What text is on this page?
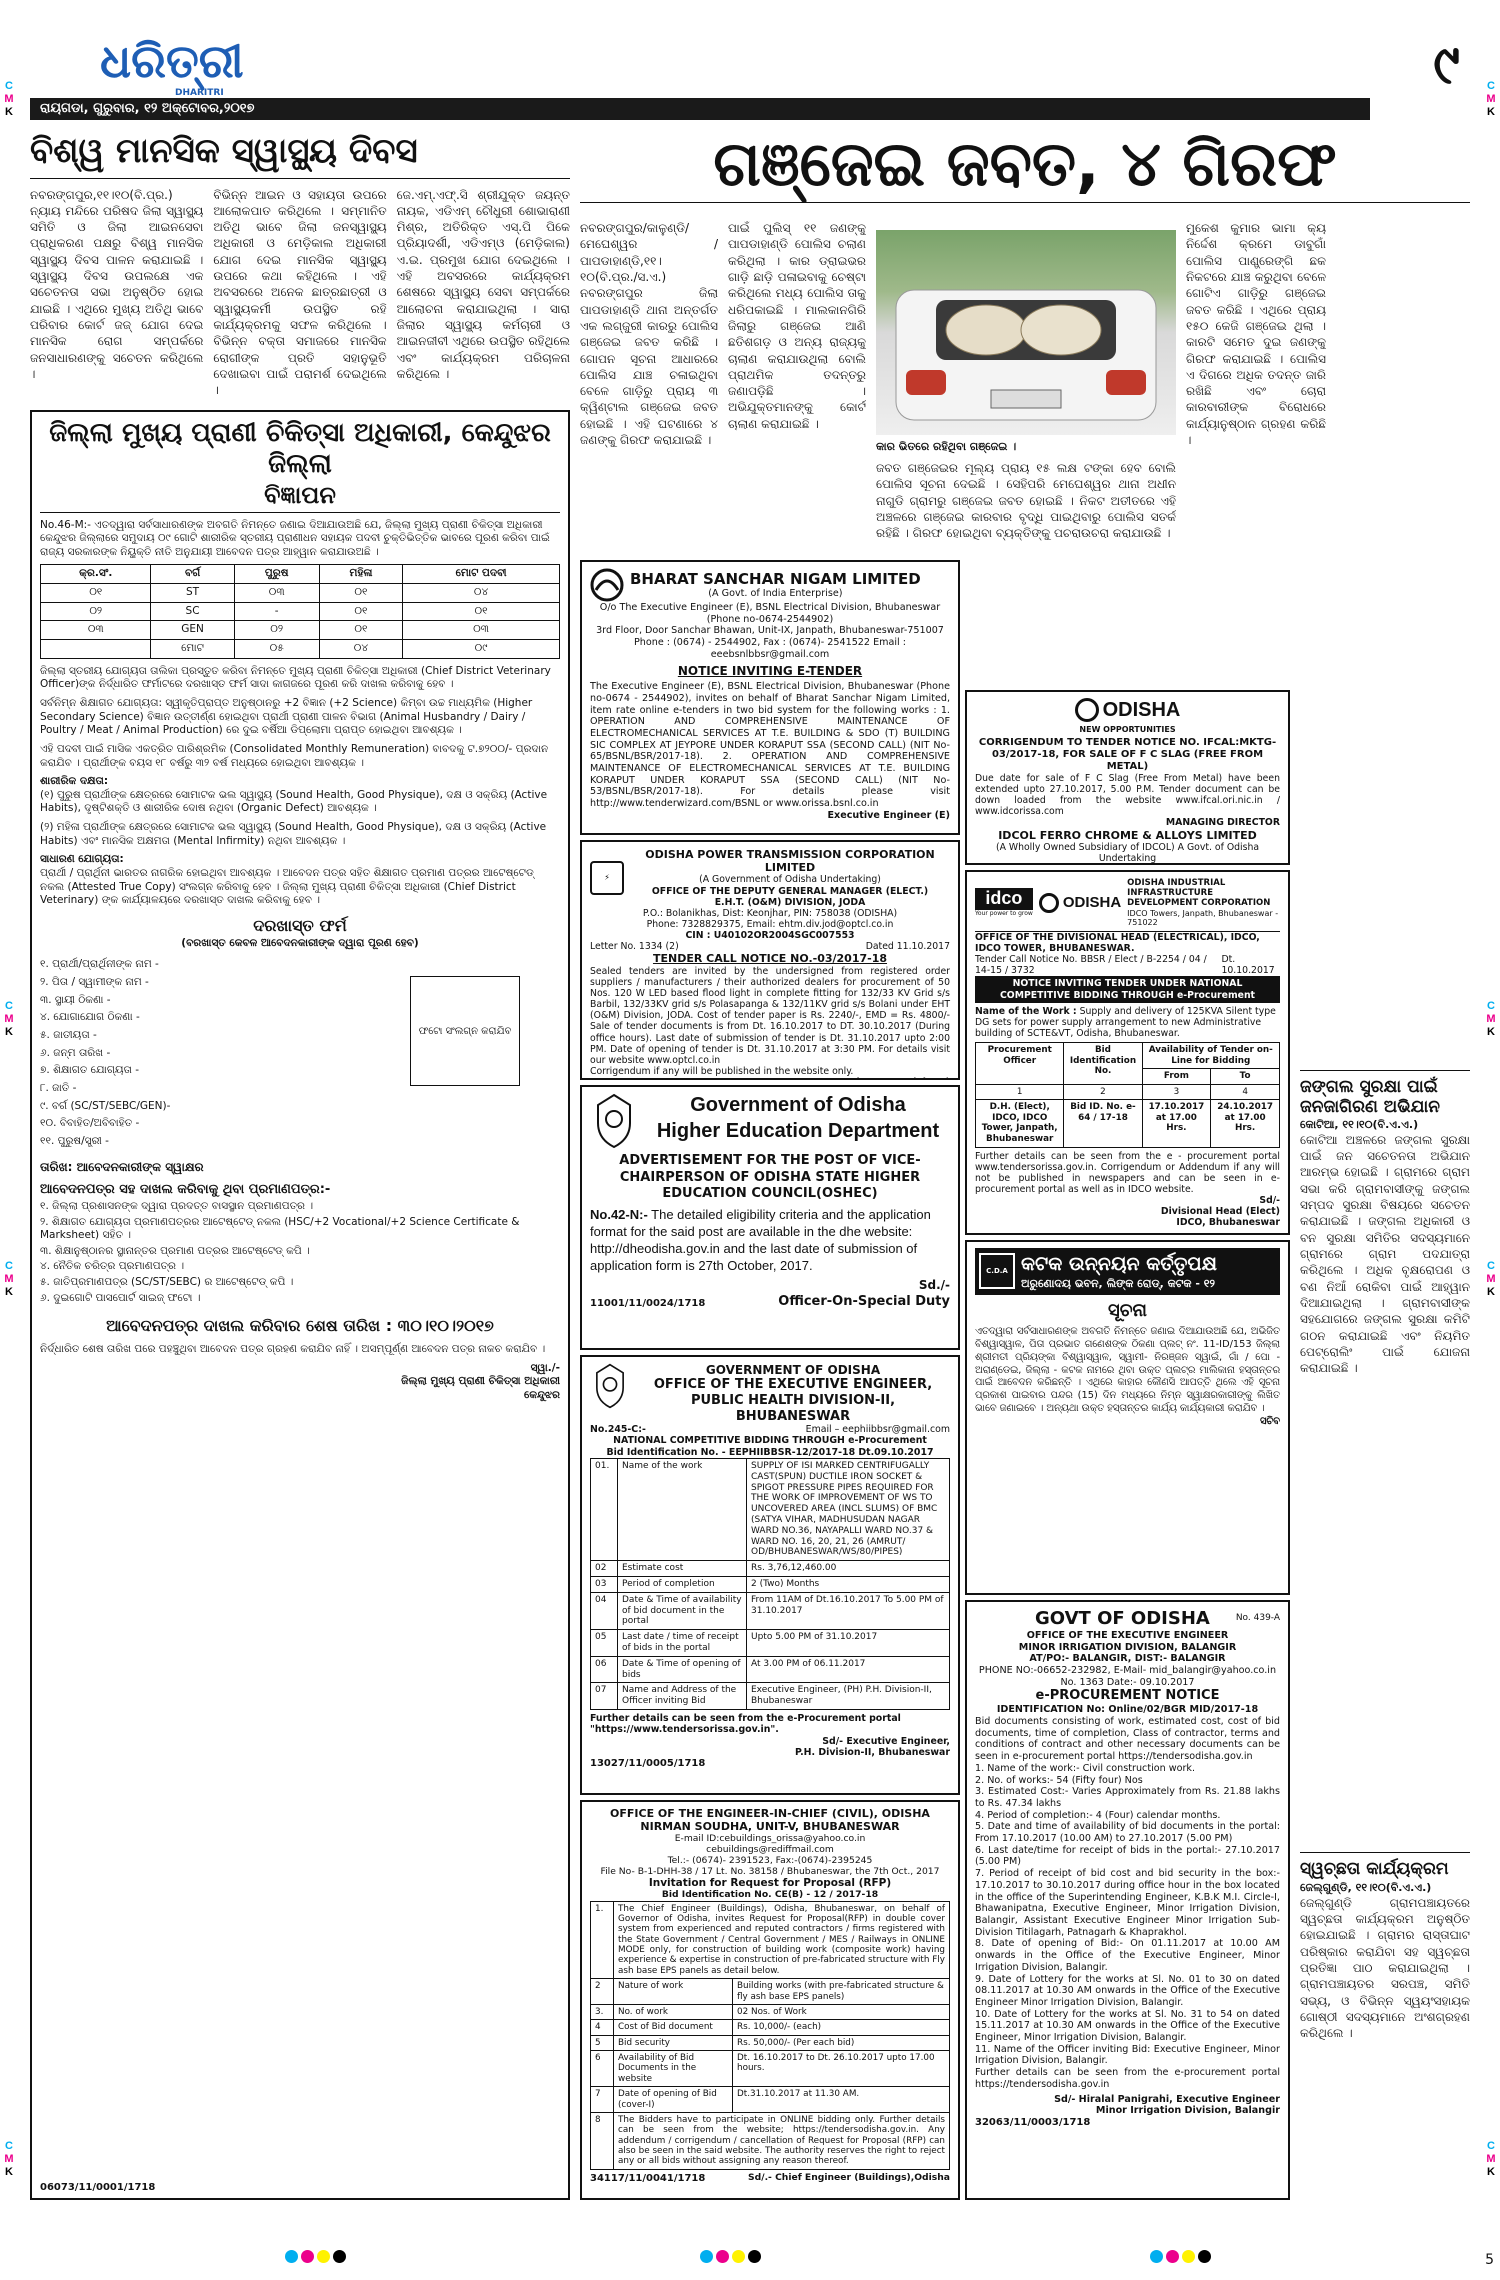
ଧରିତ୍ରୀ
DHARITRI
ରାୟଗଡା, ଗୁରୁବାର, ୧୨ ଅକ୍ଟୋବର,୨୦୧୭
୯
C
M
K
C
M
K
C
M
K
C
M
K
C
M
K
C
M
K
C
M
K
C
M
K
ବିଶ୍ୱ ମାନସିକ ସ୍ୱାସ୍ଥ୍ୟ ଦିବସ
ନବରଙ୍ଗପୁର,୧୧।୧୦(ବି.ପ୍ର.) ନ୍ୟାୟ ମନ୍ଦିରେ ପରିଷଦ ଜିଲା ସ୍ୱାସ୍ଥ୍ୟ ସମିତି ଓ ଜିଲା ଆଇନସେବା ପ୍ରାଧିକରଣ ପକ୍ଷରୁ ବିଶ୍ୱ ମାନସିକ ସ୍ୱାସ୍ଥ୍ୟ ଦିବସ ପାଳନ କରାଯାଇଛି । ସ୍ୱାସ୍ଥ୍ୟ ଦିବସ ଉପଲକ୍ଷେ ଏକ ସଚେତନତା ସଭା ଅନୁଷ୍ଠିତ ହୋଇ ଯାଇଛି । ଏଥିରେ ମୁଖ୍ୟ ଅତିଥି ଭାବେ ପରିବାର କୋର୍ଟ ଜଜ୍ ଯୋଗ ଦେଇ ମାନସିକ ରୋଗ ସମ୍ପର୍କରେ ଜନସାଧାରଣଙ୍କୁ ସଚେତନ କରିଥିଲେ ।
ବିଭିନ୍ନ ଆଇନ ଓ ସହାୟତା ଉପରେ ଆଲୋକପାତ କରିଥିଲେ । ସମ୍ମାନିତ ଅତିଥି ଭାବେ ଜିଲା ଜନସ୍ୱାସ୍ଥ୍ୟ ଅଧିକାରୀ ଓ ମେଡ଼ିକାଲ ଅଧିକାରୀ ଯୋଗ ଦେଇ ମାନସିକ ସ୍ୱାସ୍ଥ୍ୟ ଉପରେ କଥା କହିଥିଲେ । ଏହି ଅବସରରେ ଅନେକ ଛାତ୍ରଛାତ୍ରୀ ଓ ସ୍ୱାସ୍ଥ୍ୟକର୍ମୀ ଉପସ୍ଥିତ ରହି କାର୍ଯ୍ୟକ୍ରମକୁ ସଫଳ କରିଥିଲେ । ବିଭିନ୍ନ ବକ୍ତା ସମାଜରେ ମାନସିକ ରୋଗୀଙ୍କ ପ୍ରତି ସହାନୁଭୂତି ଦେଖାଇବା ପାଇଁ ପରାମର୍ଶ ଦେଇଥିଲେ ।
ଜେ.ଏମ୍.ଏଫ୍.ସି ଶ୍ରୀଯୁକ୍ତ ଜୟନ୍ତ ନାୟକ, ଏଡିଏମ୍ ଚୌଧୁରୀ ଶୋଭାରାଣୀ ମିଶ୍ର, ଅତିରିକ୍ତ ଏସ୍.ପି ପିକେ ପ୍ରିୟାଦର୍ଶୀ, ଏଡିଏମ୍ଓ (ମେଡ଼ିକାଲ) ଏ.ଇ. ପ୍ରମୁଖ ଯୋଗ ଦେଇଥିଲେ । ଏହି ଅବସରରେ କାର୍ଯ୍ୟକ୍ରମ ଶେଷରେ ସ୍ୱାସ୍ଥ୍ୟ ସେବା ସମ୍ପର୍କରେ ଆଲୋଚନା କରାଯାଇଥିଲା । ସାରା ଜିଲାର ସ୍ୱାସ୍ଥ୍ୟ କର୍ମଚାରୀ ଓ ଆଇନଜୀବୀ ଏଥିରେ ଉପସ୍ଥିତ ରହିଥିଲେ ଏବଂ କାର୍ଯ୍ୟକ୍ରମ ପରିଚାଳନା କରିଥିଲେ ।
ଗଞ୍ଜେଇ ଜବତ, ୪ ଗିରଫ
ନବରଙ୍ଗପୁର/କାଳୁଣ୍ଡି/ମେଘେଶ୍ୱର /ପାପଡାହାଣ୍ଡି,୧୧।୧୦(ବି.ପ୍ର./ସ.ଏ.) ନବରଙ୍ଗପୁର ଜିଲା ପାପଡାହାଣ୍ଡି ଥାନା ଅନ୍ତର୍ଗତ ଏକ ଲଗ୍ଜୁରୀ କାରରୁ ପୋଲିସ ଗଞ୍ଜେଇ ଜବତ କରିଛି । ଗୋପନ ସୂଚନା ଆଧାରରେ ପୋଲିସ ଯାଞ୍ଚ ଚଳାଇଥିବା ବେଳେ ଗାଡ଼ିରୁ ପ୍ରାୟ ୩ କ୍ୱିଣ୍ଟାଲ ଗଞ୍ଜେଇ ଜବତ ହୋଇଛି । ଏହି ଘଟଣାରେ ୪ ଜଣଙ୍କୁ ଗିରଫ କରାଯାଇଛି ।
ପାଇଁ ପୁଲିସ୍ ୧୧ ଜଣଙ୍କୁ ପାପଡାହାଣ୍ଡି ପୋଲିସ ଚଲାଣ କରିଥିଲା । କାର ଡ୍ରାଇଭର ଗାଡ଼ି ଛାଡ଼ି ପଳାଇବାକୁ ଚେଷ୍ଟା କରିଥିଲେ ମଧ୍ୟ ପୋଲିସ ତାକୁ ଧରିପକାଇଛି । ମାଲକାନଗିରି ଜିଲାରୁ ଗଞ୍ଜେଇ ଆଣି ଛତିଶଗଡ଼ ଓ ଅନ୍ୟ ରାଜ୍ୟକୁ ଚାଲାଣ କରାଯାଉଥିଲା ବୋଲି ପ୍ରାଥମିକ ତଦନ୍ତରୁ ଜଣାପଡ଼ିଛି । ଅଭିଯୁକ୍ତମାନଙ୍କୁ କୋର୍ଟ ଚାଲାଣ କରାଯାଇଛି ।
କାର ଭିତରେ ରହିଥିବା ଗଞ୍ଜେଇ ।
ଜବତ ଗଞ୍ଜେଇର ମୂଲ୍ୟ ପ୍ରାୟ ୧୫ ଲକ୍ଷ ଟଙ୍କା ହେବ ବୋଲି ପୋଲିସ ସୂଚନା ଦେଇଛି । ସେହିପରି ମେଘେଶ୍ୱର ଥାନା ଅଧୀନ ନାଗୁଡି ଗ୍ରାମରୁ ଗଞ୍ଜେଇ ଜବତ ହୋଇଛି । ନିକଟ ଅତୀତରେ ଏହି ଅଞ୍ଚଳରେ ଗଞ୍ଜେଇ କାରବାର ବୃଦ୍ଧି ପାଇଥିବାରୁ ପୋଲିସ ସତର୍କ ରହିଛି । ଗିରଫ ହୋଇଥିବା ବ୍ୟକ୍ତିଙ୍କୁ ପଚରାଉଚରା କରାଯାଉଛି ।
ମୁକେଶ କୁମାର ଭାମା କ୍ୟ ନିର୍ଦ୍ଦେଶ କ୍ରମେ ଡାବୁଗାଁ ପୋଲିସ ପାଣ୍ଡ୍ରେଙ୍ଗି ଛକ ନିକଟରେ ଯାଞ୍ଚ କରୁଥିବା ବେଳେ ଗୋଟିଏ ଗାଡ଼ିରୁ ଗଞ୍ଜେଇ ଜବତ କରିଛି । ଏଥିରେ ପ୍ରାୟ ୧୫୦ କେଜି ଗଞ୍ଜେଇ ଥିଲା । କାରଟି ସମେତ ଦୁଇ ଜଣଙ୍କୁ ଗିରଫ କରାଯାଇଛି । ପୋଲିସ ଏ ଦିଗରେ ଅଧିକ ତଦନ୍ତ ଜାରି ରଖିଛି ଏବଂ ଚୋରା କାରବାରୀଙ୍କ ବିରୋଧରେ କାର୍ଯ୍ୟାନୁଷ୍ଠାନ ଗ୍ରହଣ କରିଛି ।
ଜିଲ୍ଲା ମୁଖ୍ୟ ପ୍ରାଣୀ ଚିକିତ୍ସା ଅଧିକାରୀ, କେନ୍ଦୁଝର ଜିଲ୍ଲା
ବିଜ୍ଞାପନ

No.46-M:- ଏତଦ୍ୱାରା ସର୍ବସାଧାରଣଙ୍କ ଅବଗତି ନିମନ୍ତେ ଜଣାଇ ଦିଆଯାଉଅଛି ଯେ, ଜିଲ୍ଲା ମୁଖ୍ୟ ପ୍ରାଣୀ ଚିକିତ୍ସା ଅଧିକାରୀ କେନ୍ଦୁଝର ଜିଲ୍ଲାରେ ସମୁଦାୟ ୦୯ ଗୋଟି ଶାରୀରିକ ସ୍ତରୀୟ ପ୍ରାଣୀଧନ ସହାୟକ ପଦବୀ ଚୁକ୍ତିଭିତ୍ତିକ ଭାବରେ ପୂରଣ କରିବା ପାଇଁ ରାଜ୍ୟ ସରକାରଙ୍କ ନିୟୁକ୍ତି ନୀତି ଅନୁଯାୟୀ ଆବେଦନ ପତ୍ର ଆହ୍ୱାନ କରାଯାଉଅଛି ।

କ୍ର.ସଂ.	ବର୍ଗ	ପୁରୁଷ	ମହିଳା	ମୋଟ ପଦବୀ
୦୧	ST	୦୩	୦୧	୦୪
୦୨	SC	-	୦୧	୦୧
୦୩	GEN	୦୨	୦୧	୦୩
	ମୋଟ	୦୫	୦୪	୦୯

ଜିଲ୍ଲା ସ୍ତରୀୟ ଯୋଗ୍ୟତା ତାଲିକା ପ୍ରସ୍ତୁତ କରିବା ନିମନ୍ତେ ମୁଖ୍ୟ ପ୍ରାଣୀ ଚିକିତ୍ସା ଅଧିକାରୀ (Chief District Veterinary Officer)ଙ୍କ ନିର୍ଦ୍ଧାରିତ ଫର୍ମାଟରେ ଦରଖାସ୍ତ ଫର୍ମ ସାଦା କାଗଜରେ ପୂରଣ କରି ଦାଖଲ କରିବାକୁ ହେବ ।

ସର୍ବନିମ୍ନ ଶିକ୍ଷାଗତ ଯୋଗ୍ୟତା: ସ୍ୱୀକୃତିପ୍ରାପ୍ତ ଅନୁଷ୍ଠାନରୁ +2 ବିଜ୍ଞାନ (+2 Science) କିମ୍ବା ଉଚ୍ଚ ମାଧ୍ୟମିକ (Higher Secondary Science) ବିଜ୍ଞାନ ଉତ୍ତୀର୍ଣ୍ଣ ହୋଇଥିବା ପ୍ରାର୍ଥୀ ପ୍ରାଣୀ ପାଳନ ବିଭାଗ (Animal Husbandry / Dairy / Poultry / Meat / Animal Production) ରେ ଦୁଇ ବର୍ଷିଆ ଡିପ୍ଲୋମା ପ୍ରାପ୍ତ ହୋଇଥିବା ଆବଶ୍ୟକ ।

ଏହି ପଦବୀ ପାଇଁ ମାସିକ ଏକତ୍ରିତ ପାରିଶ୍ରମିକ (Consolidated Monthly Remuneration) ବାବଦକୁ ଟ.୭୨୦୦/- ପ୍ରଦାନ କରାଯିବ । ପ୍ରାର୍ଥୀଙ୍କ ବୟସ ୧୮ ବର୍ଷରୁ ୩୨ ବର୍ଷ ମଧ୍ୟରେ ହୋଇଥିବା ଆବଶ୍ୟକ ।

ଶାରୀରିକ ଦକ୍ଷତା:

(୧) ପୁରୁଷ ପ୍ରାର୍ଥୀଙ୍କ କ୍ଷେତ୍ରରେ ସୋମାଟକ ଭଲ ସ୍ୱାସ୍ଥ୍ୟ (Sound Health, Good Physique), ଦକ୍ଷ ଓ ସକ୍ରିୟ (Active Habits), ଦୃଷ୍ଟିଶକ୍ତି ଓ ଶାରୀରିକ ଦୋଷ ନଥିବା (Organic Defect) ଆବଶ୍ୟକ ।

(୨) ମହିଳା ପ୍ରାର୍ଥୀଙ୍କ କ୍ଷେତ୍ରରେ ସୋମାଟକ ଭଲ ସ୍ୱାସ୍ଥ୍ୟ (Sound Health, Good Physique), ଦକ୍ଷ ଓ ସକ୍ରିୟ (Active Habits) ଏବଂ ମାନସିକ ଅକ୍ଷମତା (Mental Infirmity) ନଥିବା ଆବଶ୍ୟକ ।

ସାଧାରଣ ଯୋଗ୍ୟତା:

ପ୍ରାର୍ଥୀ / ପ୍ରାର୍ଥିନୀ ଭାରତର ନାଗରିକ ହୋଇଥିବା ଆବଶ୍ୟକ । ଆବେଦନ ପତ୍ର ସହିତ ଶିକ୍ଷାଗତ ପ୍ରମାଣ ପତ୍ରର ଆଟେଷ୍ଟେଡ୍ ନକଲ (Attested True Copy) ସଂଲଗ୍ନ କରିବାକୁ ହେବ । ଜିଲ୍ଲା ମୁଖ୍ୟ ପ୍ରାଣୀ ଚିକିତ୍ସା ଅଧିକାରୀ (Chief District Veterinary) ଙ୍କ କାର୍ଯ୍ୟାଳୟରେ ଦରଖାସ୍ତ ଦାଖଲ କରିବାକୁ ହେବ ।

ଦରଖାସ୍ତ ଫର୍ମ
(ବରଖାସ୍ତ କେବଳ ଆବେଦନକାରୀଙ୍କ ଦ୍ୱାରା ପୂରଣ ହେବ)
୧. ପ୍ରାର୍ଥୀ/ପ୍ରାର୍ଥିନୀଙ୍କ ନାମ -
୨. ପିତା / ସ୍ୱାମୀଙ୍କ ନାମ -
୩. ସ୍ଥାୟୀ ଠିକଣା -
୪. ଯୋଗାଯୋଗ ଠିକଣା -
୫. ଜାତୀୟତା -
୬. ଜନ୍ମ ତାରିଖ -
୭. ଶିକ୍ଷାଗତ ଯୋଗ୍ୟତା -
୮. ଜାତି -
୯. ବର୍ଗ (SC/ST/SEBC/GEN)-
୧୦. ବିବାହିତ/ଅବିବାହିତ -
୧୧. ପୁରୁଷ/ସ୍ତ୍ରୀ -
ଫଟୋ ସଂଲଗ୍ନ କରାଯିବ
ତାରିଖ: ଆବେଦନକାରୀଙ୍କ ସ୍ୱାକ୍ଷର
ଆବେଦନପତ୍ର ସହ ଦାଖଲ କରିବାକୁ ଥିବା ପ୍ରମାଣପତ୍ର:-
୧. ଜିଲ୍ଲା ପ୍ରଶାସନଙ୍କ ଦ୍ୱାରା ପ୍ରଦତ୍ତ ବାସସ୍ଥାନ ପ୍ରମାଣପତ୍ର ।
୨. ଶିକ୍ଷାଗତ ଯୋଗ୍ୟତା ପ୍ରମାଣପତ୍ରର ଆଟେଷ୍ଟେଡ୍ ନକଲ (HSC/+2 Vocational/+2 Science Certificate & Marksheet) ସହିତ ।
୩. ଶିକ୍ଷାନୁଷ୍ଠାନର ସ୍ଥାନାନ୍ତର ପ୍ରମାଣ ପତ୍ରର ଆଟେଷ୍ଟେଡ୍ କପି ।
୪. ନୈତିକ ଚରିତ୍ର ପ୍ରମାଣପତ୍ର ।
୫. ଜାତିପ୍ରମାଣପତ୍ର (SC/ST/SEBC) ର ଆଟେଷ୍ଟେଡ୍ କପି ।
୬. ଦୁଇଗୋଟି ପାସପୋର୍ଟ ସାଇଜ୍ ଫଟୋ ।
ଆବେଦନପତ୍ର ଦାଖଲ କରିବାର ଶେଷ ତାରିଖ : ୩୦।୧୦।୨୦୧୭

ନିର୍ଦ୍ଧାରିତ ଶେଷ ତାରିଖ ପରେ ପହଞ୍ଚୁଥିବା ଆବେଦନ ପତ୍ର ଗ୍ରହଣ କରାଯିବ ନାହିଁ । ଅସମ୍ପୂର୍ଣ୍ଣ ଆବେଦନ ପତ୍ର ନାକଚ କରାଯିବ ।

ସ୍ୱା./-
ଜିଲ୍ଲା ମୁଖ୍ୟ ପ୍ରାଣୀ ଚିକିତ୍ସା ଅଧିକାରୀ
କେନ୍ଦୁଝର
06073/11/0001/1718
BHARAT SANCHAR NIGAM LIMITED
(A Govt. of India Enterprise)
O/o The Executive Engineer (E), BSNL Electrical Division, Bhubaneswar (Phone no-0674-2544902)
3rd Floor, Door Sanchar Bhawan, Unit-IX, Janpath, Bhubaneswar-751007
Phone : (0674) - 2544902, Fax : (0674)- 2541522 Email : eeebsnlbbsr@gmail.com
NOTICE INVITING E-TENDER
The Executive Engineer (E), BSNL Electrical Division, Bhubaneswar (Phone no-0674 - 2544902), invites on behalf of Bharat Sanchar Nigam Limited, item rate online e-tenders in two bid system for the following works : 1. OPERATION AND COMPREHENSIVE MAINTENANCE OF ELECTROMECHANICAL SERVICES AT T.E. BUILDING & SDO (T) BUILDING SIC COMPLEX AT JEYPORE UNDER KORAPUT SSA (SECOND CALL) (NIT No-65/BSNL/BSR/2017-18). 2. OPERATION AND COMPREHENSIVE MAINTENANCE OF ELECTROMECHANICAL SERVICES AT T.E. BUILDING KORAPUT UNDER KORAPUT SSA (SECOND CALL) (NIT No-53/BSNL/BSR/2017-18). For details please visit http://www.tenderwizard.com/BSNL or www.orissa.bsnl.co.in
Executive Engineer (E)
⚡
ODISHA POWER TRANSMISSION CORPORATION LIMITED
(A Government of Odisha Undertaking)
OFFICE OF THE DEPUTY GENERAL MANAGER (ELECT.)
E.H.T. (O&M) DIVISION, JODA
P.O.: Bolanikhas, Dist: Keonjhar, PIN: 758038 (ODISHA)
Phone: 7328829375, Email: ehtm.div.jod@optcl.co.in
CIN : U40102OR2004SGC007553
Letter No. 1334 (2)	Dated 11.10.2017
TENDER CALL NOTICE NO.-03/2017-18
Sealed tenders are invited by the undersigned from registered order suppliers / manufacturers / their authorized dealers for procurement of 50 Nos. 120 W LED based flood light in complete fitting for 132/33 KV Grid s/s Barbil, 132/33KV grid s/s Polasapanga & 132/11KV grid s/s Bolani under EHT (O&M) Division, JODA. Cost of tender paper is Rs. 2240/-, EMD = Rs. 4800/- Sale of tender documents is from Dt. 16.10.2017 to DT. 30.10.2017 (During office hours). Last date of submission of tender is Dt. 31.10.2017 upto 2:00 PM. Date of opening of tender is Dt. 31.10.2017 at 3:30 PM. For details visit our website www.optcl.co.in
Corrigendum if any will be published in the website only.
Government of Odisha
Higher Education Department
ADVERTISEMENT FOR THE POST OF VICE-CHAIRPERSON OF ODISHA STATE HIGHER EDUCATION COUNCIL(OSHEC)
No.42-N:- The detailed eligibility criteria and the application format for the said post are available in the dhe website: http://dheodisha.gov.in and the last date of submission of application form is 27th October, 2017.
Sd./-
11001/11/0024/1718	Officer-On-Special Duty
GOVERNMENT OF ODISHA
OFFICE OF THE EXECUTIVE ENGINEER, PUBLIC HEALTH DIVISION-II, BHUBANESWAR
No.245-C:-	Email – eephiibbsr@gmail.com
NATIONAL COMPETITIVE BIDDING THROUGH e-Procurement
Bid Identification No. - EEPHIIBBSR-12/2017-18 Dt.09.10.2017
01.	Name of the work	SUPPLY OF ISI MARKED CENTRIFUGALLY CAST(SPUN) DUCTILE IRON SOCKET & SPIGOT PRESSURE PIPES REQUIRED FOR THE WORK OF IMPROVEMENT OF WS TO UNCOVERED AREA (INCL SLUMS) OF BMC (SATYA VIHAR, MADHUSUDAN NAGAR WARD NO.36, NAYAPALLI WARD NO.37 & WARD NO. 16, 20, 21, 26 (AMRUT/ OD/BHUBANESWAR/WS/80/PIPES)
02	Estimate cost	Rs. 3,76,12,460.00
03	Period of completion	2 (Two) Months
04	Date & Time of availability of bid document in the portal	From 11AM of Dt.16.10.2017 To 5.00 PM of 31.10.2017
05	Last date / time of receipt of bids in the portal	Upto 5.00 PM of 31.10.2017
06	Date & Time of opening of bids	At 3.00 PM of 06.11.2017
07	Name and Address of the Officer inviting Bid	Executive Engineer, (PH) P.H. Division-II, Bhubaneswar
Further details can be seen from the e-Procurement portal "https://www.tendersorissa.gov.in".
Sd/- Executive Engineer,
P.H. Division-II, Bhubaneswar
13027/11/0005/1718
OFFICE OF THE ENGINEER-IN-CHIEF (CIVIL), ODISHA
NIRMAN SOUDHA, UNIT-V, BHUBANESWAR
E-mail ID:cebuildings_orissa@yahoo.co.in
cebuildings@rediffmail.com
Tel.:- (0674)- 2391523, Fax:-(0674)-2395245
File No- B-1-DHH-38 / 17 Lt. No. 38158 / Bhubaneswar, the 7th Oct., 2017
Invitation for Request for Proposal (RFP)
Bid Identification No. CE(B) - 12 / 2017-18
1.	The Chief Engineer (Buildings), Odisha, Bhubaneswar, on behalf of Governor of Odisha, invites Request for Proposal(RFP) in double cover system from experienced and reputed contractors / firms registered with the State Government / Central Government / MES / Railways in ONLINE MODE only, for construction of building work (composite work) having experience & expertise in construction of pre-fabricated structure with Fly ash base EPS panels as detail below.	
2	Nature of work	Building works (with pre-fabricated structure & fly ash base EPS panels)
3.	No. of work	02 Nos. of Work
4	Cost of Bid document	Rs. 10,000/- (each)
5	Bid security	Rs. 50,000/- (Per each bid)
6	Availability of Bid Documents in the website	Dt. 16.10.2017 to Dt. 26.10.2017 upto 17.00 hours.
7	Date of opening of Bid (cover-I)	Dt.31.10.2017 at 11.30 AM.
8	The Bidders have to participate in ONLINE bidding only. Further details can be seen from the website; https://tendersodisha.gov.in. Any addendum / corrigendum / cancellation of Request for Proposal (RFP) can also be seen in the said website. The authority reserves the right to reject any or all bids without assigning any reason thereof.	
34117/11/0041/1718	Sd/.- Chief Engineer (Buildings),Odisha
ODISHA
NEW OPPORTUNITIES
CORRIGENDUM TO TENDER NOTICE NO. IFCAL:MKTG-03/2017-18, FOR SALE OF F C SLAG (FREE FROM METAL)
Due date for sale of F C Slag (Free From Metal) have been extended upto 27.10.2017, 5.00 P.M. Tender document can be down loaded from the website www.ifcal.ori.nic.in / www.idcorissa.com
MANAGING DIRECTOR
IDCOL FERRO CHROME & ALLOYS LIMITED
(A Wholly Owned Subsidiary of IDCOL) A Govt. of Odisha Undertaking
idco
Your power to grow
ODISHA
ODISHA INDUSTRIAL INFRASTRUCTURE DEVELOPMENT CORPORATION
IDCO Towers, Janpath, Bhubaneswar - 751022
OFFICE OF THE DIVISIONAL HEAD (ELECTRICAL), IDCO, IDCO TOWER, BHUBANESWAR.
Tender Call Notice No. BBSR / Elect / B-2254 / 04 / 14-15 / 3732
Dt. 10.10.2017
NOTICE INVITING TENDER UNDER NATIONAL COMPETITIVE BIDDING THROUGH e-Procurement
Name of the Work : Supply and delivery of 125KVA Silent type DG sets for power supply arrangement to new Administrative building of SCTE&VT, Odisha, Bhubaneswar.
Procurement Officer	Bid Identification No.	Availability of Tender on-Line for Bidding	
		From	To
1	2	3	4
D.H. (Elect), IDCO, IDCO Tower, Janpath, Bhubaneswar	Bid ID. No. e-64 / 17-18	17.10.2017 at 17.00 Hrs.	24.10.2017 at 17.00 Hrs.
Further details can be seen from the e - procurement portal www.tendersorissa.gov.in. Corrigendum or Addendum if any will not be published in newspapers and can be seen in e-procurement portal as well as in IDCO website.
Sd/-
Divisional Head (Elect)
IDCO, Bhubaneswar
C.D.A କଟକ ଉନ୍ନୟନ କର୍ତ୍ତୃପକ୍ଷ
ଅରୁଣୋଦୟ ଭବନ, ଲିଙ୍କ ରୋଡ୍, କଟକ - ୧୨
ସୂଚନା
ଏତଦ୍ୱାରା ସର୍ବସାଧାରଣଙ୍କ ଅବଗତି ନିମନ୍ତେ ଜଣାଇ ଦିଆଯାଉଅଛି ଯେ, ଅଭିଜିତ ବିଶ୍ୱାସ୍ୱାଳ, ପିତା ପ୍ରଭାତ ଗଣେଶଙ୍କ ଠିକଣା ପ୍ଲଟ୍ ନଂ. 11-ID/153 ଜିଲ୍ଲା ଶ୍ରୀମତୀ ପ୍ରିୟଙ୍କା ବିଶ୍ୱାସ୍ୱାଳ, ସ୍ୱାମୀ- ନିରଞ୍ଜନ ସ୍ୱାଇଁ, ଗାଁ / ପୋ - ଅରାଣ୍ଡେଇ, ଜିଲ୍ଲା - କଟକ ନାମରେ ଥିବା ଉକ୍ତ ପ୍ଲଟ୍ର ମାଲିକାନା ହସ୍ତାନ୍ତର ପାଇଁ ଆବେଦନ କରିଛନ୍ତି । ଏଥିରେ କାହାର କୌଣସି ଆପତ୍ତି ଥିଲେ ଏହି ସୂଚନା ପ୍ରକାଶ ପାଇବାର ପନ୍ଦର (15) ଦିନ ମଧ୍ୟରେ ନିମ୍ନ ସ୍ୱାକ୍ଷରକାରୀଙ୍କୁ ଲିଖିତ ଭାବେ ଜଣାଇବେ । ଅନ୍ୟଥା ଉକ୍ତ ହସ୍ତାନ୍ତର କାର୍ଯ୍ୟ କାର୍ଯ୍ୟକାରୀ କରାଯିବ ।
ସଚିବ
GOVT OF ODISHA	No. 439-A
OFFICE OF THE EXECUTIVE ENGINEER
MINOR IRRIGATION DIVISION, BALANGIR
AT/PO:- BALANGIR, DIST:- BALANGIR
PHONE NO:-06652-232982, E-Mail- mid_balangir@yahoo.co.in
No. 1363 Date:- 09.10.2017
e-PROCUREMENT NOTICE
IDENTIFICATION No: Online/02/BGR MID/2017-18
Bid documents consisting of work, estimated cost, cost of bid documents, time of completion, Class of contractor, terms and conditions of contract and other necessary documents can be seen in e-procurement portal https://tendersodisha.gov.in
1. Name of the work:- Civil construction work.
2. No. of works:- 54 (Fifty four) Nos
3. Estimated Cost:- Varies Approximately from Rs. 21.88 lakhs to Rs. 47.34 lakhs
4. Period of completion:- 4 (Four) calendar months.
5. Date and time of availability of bid documents in the portal: From 17.10.2017 (10.00 AM) to 27.10.2017 (5.00 PM)
6. Last date/time for receipt of bids in the portal:- 27.10.2017 (5.00 PM)
7. Period of receipt of bid cost and bid security in the box:- 17.10.2017 to 30.10.2017 during office hour in the box located in the office of the Superintending Engineer, K.B.K M.I. Circle-I, Bhawanipatna, Executive Engineer, Minor Irrigation Division, Balangir, Assistant Executive Engineer Minor Irrigation Sub-Division Titilagarh, Patnagarh & Khaprakhol.
8. Date of opening of Bid:- On 01.11.2017 at 10.00 AM onwards in the Office of the Executive Engineer, Minor Irrigation Division, Balangir.
9. Date of Lottery for the works at Sl. No. 01 to 30 on dated 08.11.2017 at 10.30 AM onwards in the Office of the Executive Engineer Minor Irrigation Division, Balangir.
10. Date of Lottery for the works at Sl. No. 31 to 54 on dated 15.11.2017 at 10.30 AM onwards in the Office of the Executive Engineer, Minor Irrigation Division, Balangir.
11. Name of the Officer inviting Bid: Executive Engineer, Minor Irrigation Division, Balangir.
Further details can be seen from the e-procurement portal https://tendersodisha.gov.in
Sd/- Hiralal Panigrahi, Executive Engineer
Minor Irrigation Division, Balangir
32063/11/0003/1718
ଜଙ୍ଗଲ ସୁରକ୍ଷା ପାଇଁ ଜନଜାଗିରଣ ଅଭିଯାନ
କୋଟିଆ, ୧୧।୧୦(ବି.ଏ.ଏ.)
କୋଟିଆ ଅଞ୍ଚଳରେ ଜଙ୍ଗଲ ସୁରକ୍ଷା ପାଇଁ ଜନ ସଚେତନତା ଅଭିଯାନ ଆରମ୍ଭ ହୋଇଛି । ଗ୍ରାମରେ ଗ୍ରାମ ସଭା କରି ଗ୍ରାମବାସୀଙ୍କୁ ଜଙ୍ଗଲ ସମ୍ପଦ ସୁରକ୍ଷା ବିଷୟରେ ସଚେତନ କରାଯାଇଛି । ଜଙ୍ଗଲ ଅଧିକାରୀ ଓ ବନ ସୁରକ୍ଷା ସମିତିର ସଦସ୍ୟମାନେ ଗ୍ରାମରେ ଗ୍ରାମ ପଦଯାତ୍ରା କରିଥିଲେ । ଅଧିକ ବୃକ୍ଷରୋପଣ ଓ ବଣ ନିଆଁ ରୋକିବା ପାଇଁ ଆହ୍ୱାନ ଦିଆଯାଇଥିଲା । ଗ୍ରାମବାସୀଙ୍କ ସହଯୋଗରେ ଜଙ୍ଗଲ ସୁରକ୍ଷା କମିଟି ଗଠନ କରାଯାଇଛି ଏବଂ ନିୟମିତ ପେଟ୍ରୋଲିଂ ପାଇଁ ଯୋଜନା କରାଯାଇଛି ।
ସ୍ୱଚ୍ଛତା କାର୍ଯ୍ୟକ୍ରମ
ଜେଲ୍ଗୁଣ୍ଡି, ୧୧।୧୦(ବି.ଏ.ଏ.)
ଜେଲ୍ଗୁଣ୍ଡି ଗ୍ରାମପଞ୍ଚାୟତରେ ସ୍ୱଚ୍ଛତା କାର୍ଯ୍ୟକ୍ରମ ଅନୁଷ୍ଠିତ ହୋଇଯାଇଛି । ଗ୍ରାମର ରାସ୍ତାଘାଟ ପରିଷ୍କାର କରାଯିବା ସହ ସ୍ୱଚ୍ଛତା ପ୍ରତିଜ୍ଞା ପାଠ କରାଯାଇଥିଲା । ଗ୍ରାମପଞ୍ଚାୟତର ସରପଞ୍ଚ, ସମିତି ସଭ୍ୟ, ଓ ବିଭିନ୍ନ ସ୍ୱୟଂସହାୟକ ଗୋଷ୍ଠୀ ସଦସ୍ୟମାନେ ଅଂଶଗ୍ରହଣ କରିଥିଲେ ।
5
